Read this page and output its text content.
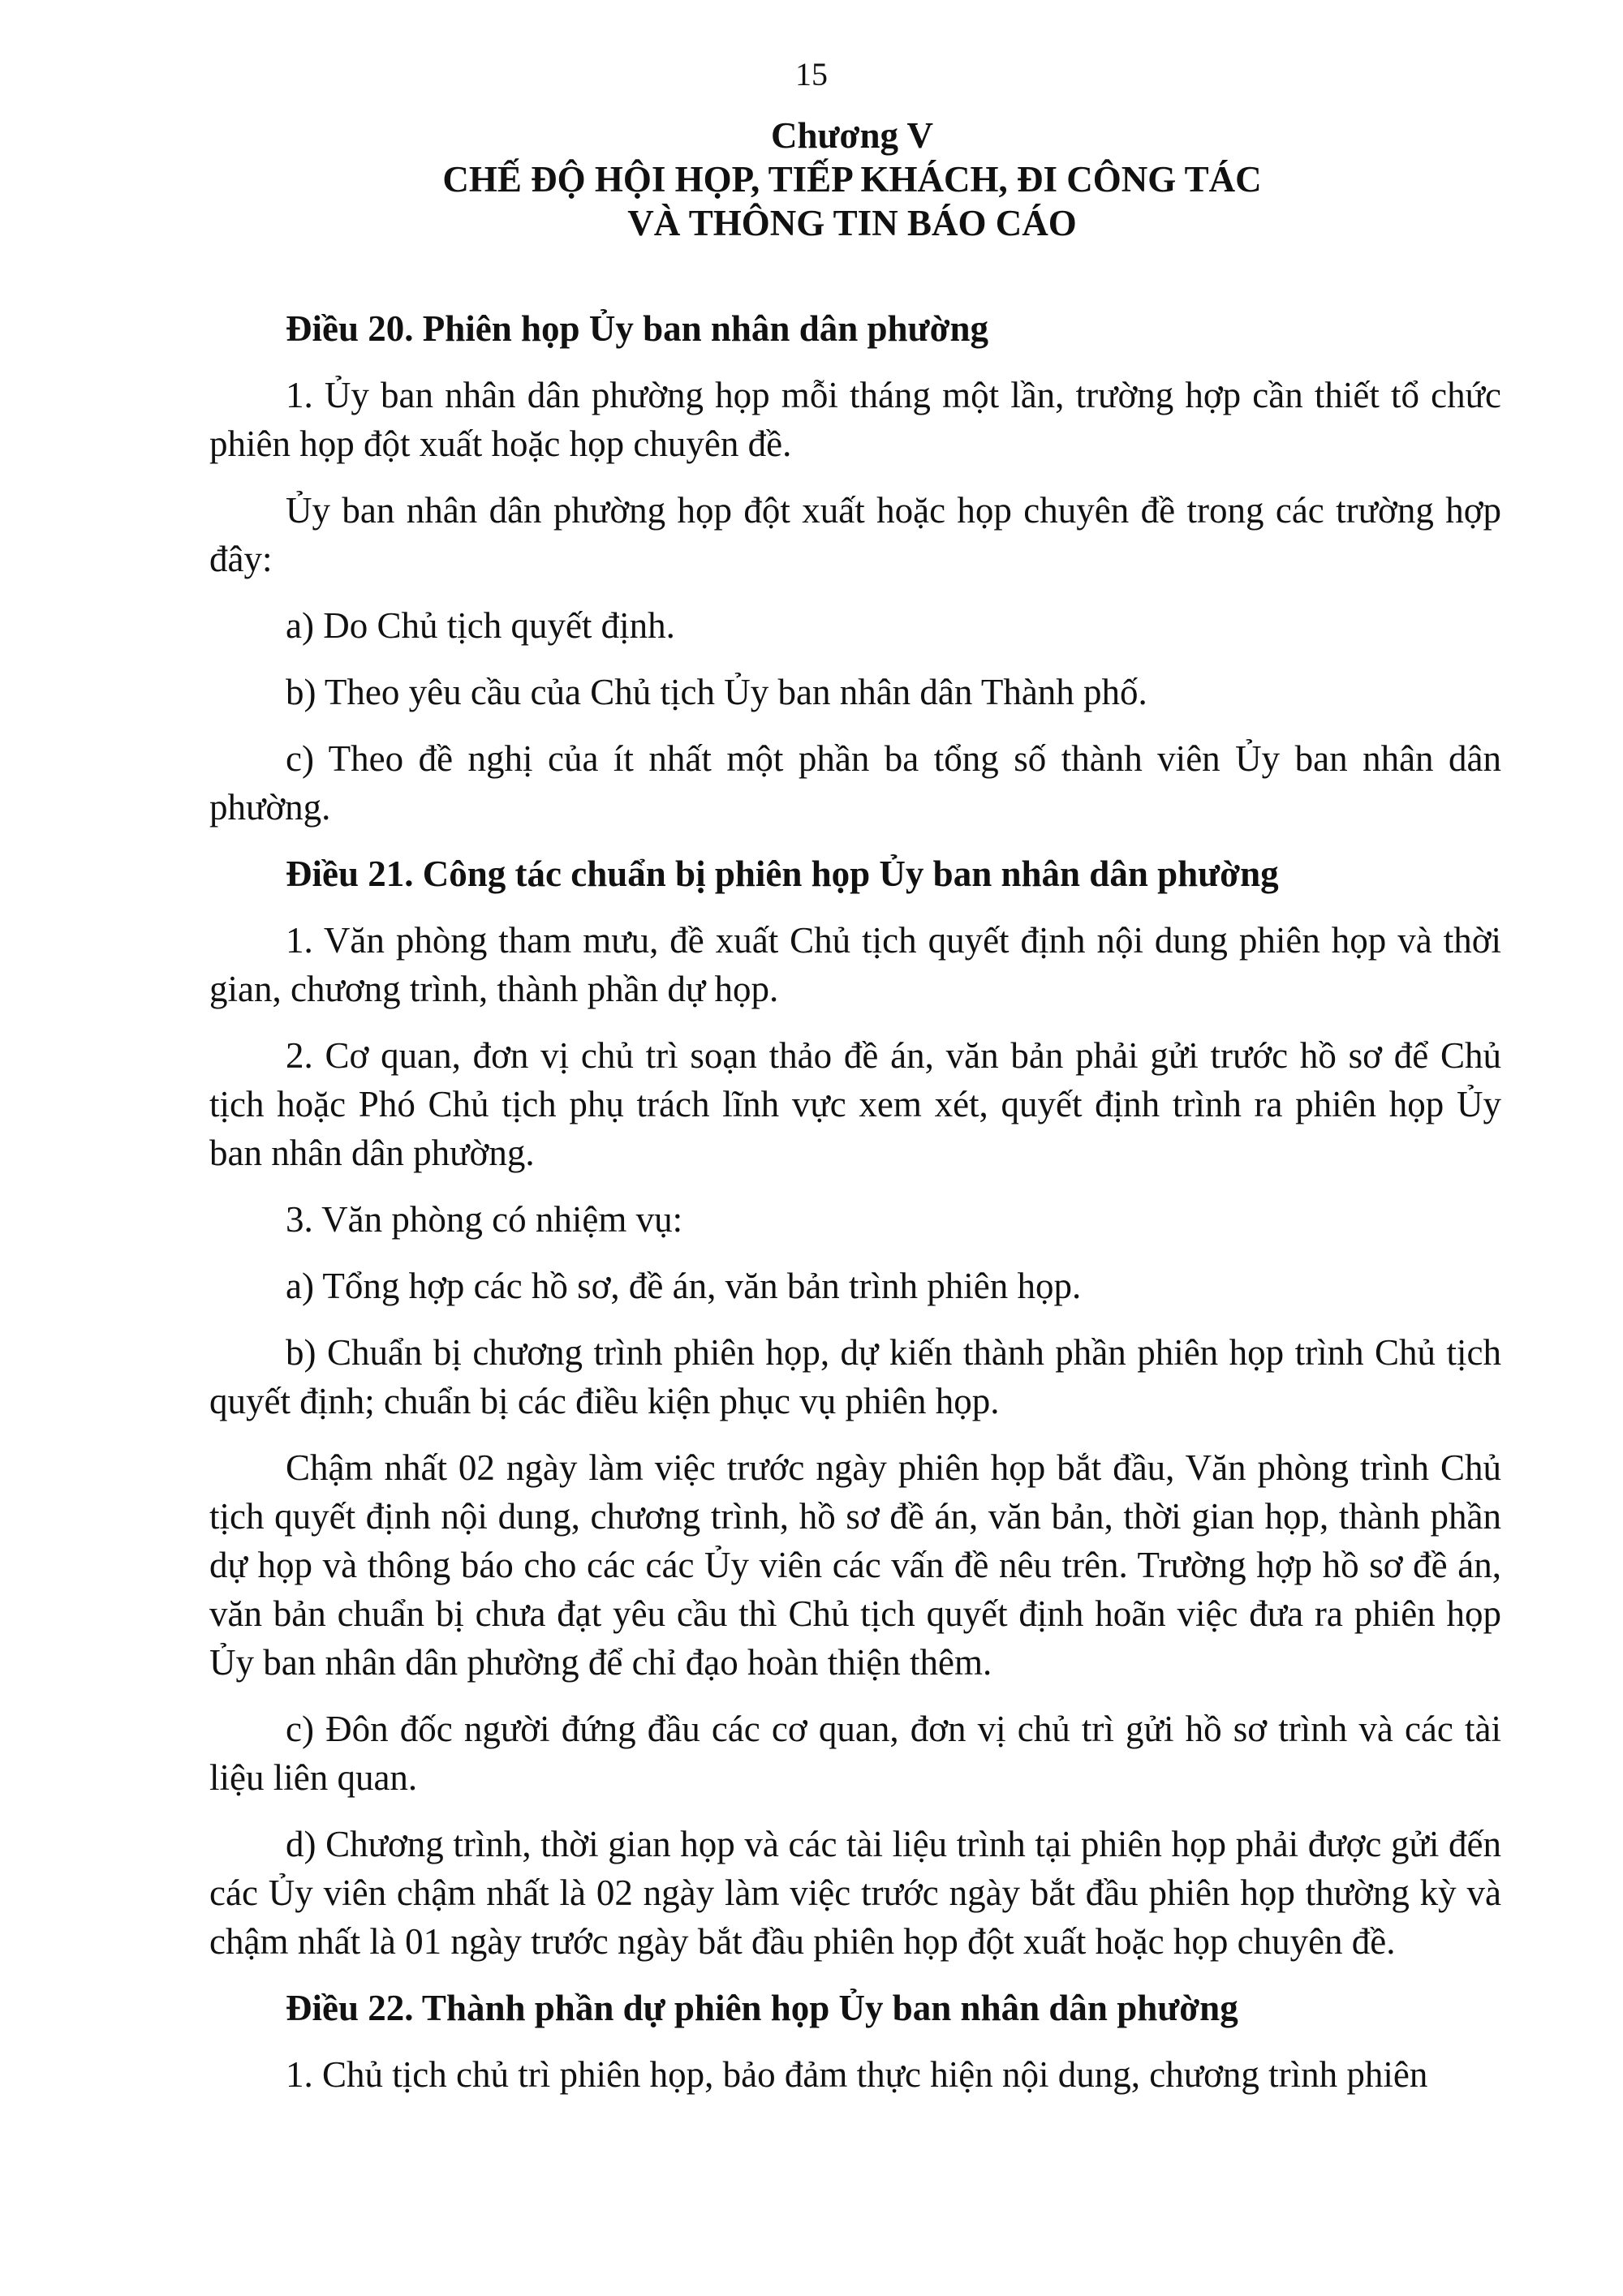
15
Chương V
CHẾ ĐỘ HỘI HỌP, TIẾP KHÁCH, ĐI CÔNG TÁC
VÀ THÔNG TIN BÁO CÁO

Điều 20. Phiên họp Ủy ban nhân dân phường

1. Ủy ban nhân dân phường họp mỗi tháng một lần, trường hợp cần thiết tổ chức phiên họp đột xuất hoặc họp chuyên đề.

Ủy ban nhân dân phường họp đột xuất hoặc họp chuyên đề trong các trường hợp đây:

a) Do Chủ tịch quyết định.

b) Theo yêu cầu của Chủ tịch Ủy ban nhân dân Thành phố.

c) Theo đề nghị của ít nhất một phần ba tổng số thành viên Ủy ban nhân dân phường.

Điều 21. Công tác chuẩn bị phiên họp Ủy ban nhân dân phường

1. Văn phòng tham mưu, đề xuất Chủ tịch quyết định nội dung phiên họp và thời gian, chương trình, thành phần dự họp.

2. Cơ quan, đơn vị chủ trì soạn thảo đề án, văn bản phải gửi trước hồ sơ để Chủ tịch hoặc Phó Chủ tịch phụ trách lĩnh vực xem xét, quyết định trình ra phiên họp Ủy ban nhân dân phường.

3. Văn phòng có nhiệm vụ:

a) Tổng hợp các hồ sơ, đề án, văn bản trình phiên họp.

b) Chuẩn bị chương trình phiên họp, dự kiến thành phần phiên họp trình Chủ tịch quyết định; chuẩn bị các điều kiện phục vụ phiên họp.

Chậm nhất 02 ngày làm việc trước ngày phiên họp bắt đầu, Văn phòng trình Chủ tịch quyết định nội dung, chương trình, hồ sơ đề án, văn bản, thời gian họp, thành phần dự họp và thông báo cho các các Ủy viên các vấn đề nêu trên. Trường hợp hồ sơ đề án, văn bản chuẩn bị chưa đạt yêu cầu thì Chủ tịch quyết định hoãn việc đưa ra phiên họp Ủy ban nhân dân phường để chỉ đạo hoàn thiện thêm.

c) Đôn đốc người đứng đầu các cơ quan, đơn vị chủ trì gửi hồ sơ trình và các tài liệu liên quan.

d) Chương trình, thời gian họp và các tài liệu trình tại phiên họp phải được gửi đến các Ủy viên chậm nhất là 02 ngày làm việc trước ngày bắt đầu phiên họp thường kỳ và chậm nhất là 01 ngày trước ngày bắt đầu phiên họp đột xuất hoặc họp chuyên đề.

Điều 22. Thành phần dự phiên họp Ủy ban nhân dân phường

1. Chủ tịch chủ trì phiên họp, bảo đảm thực hiện nội dung, chương trình phiên
